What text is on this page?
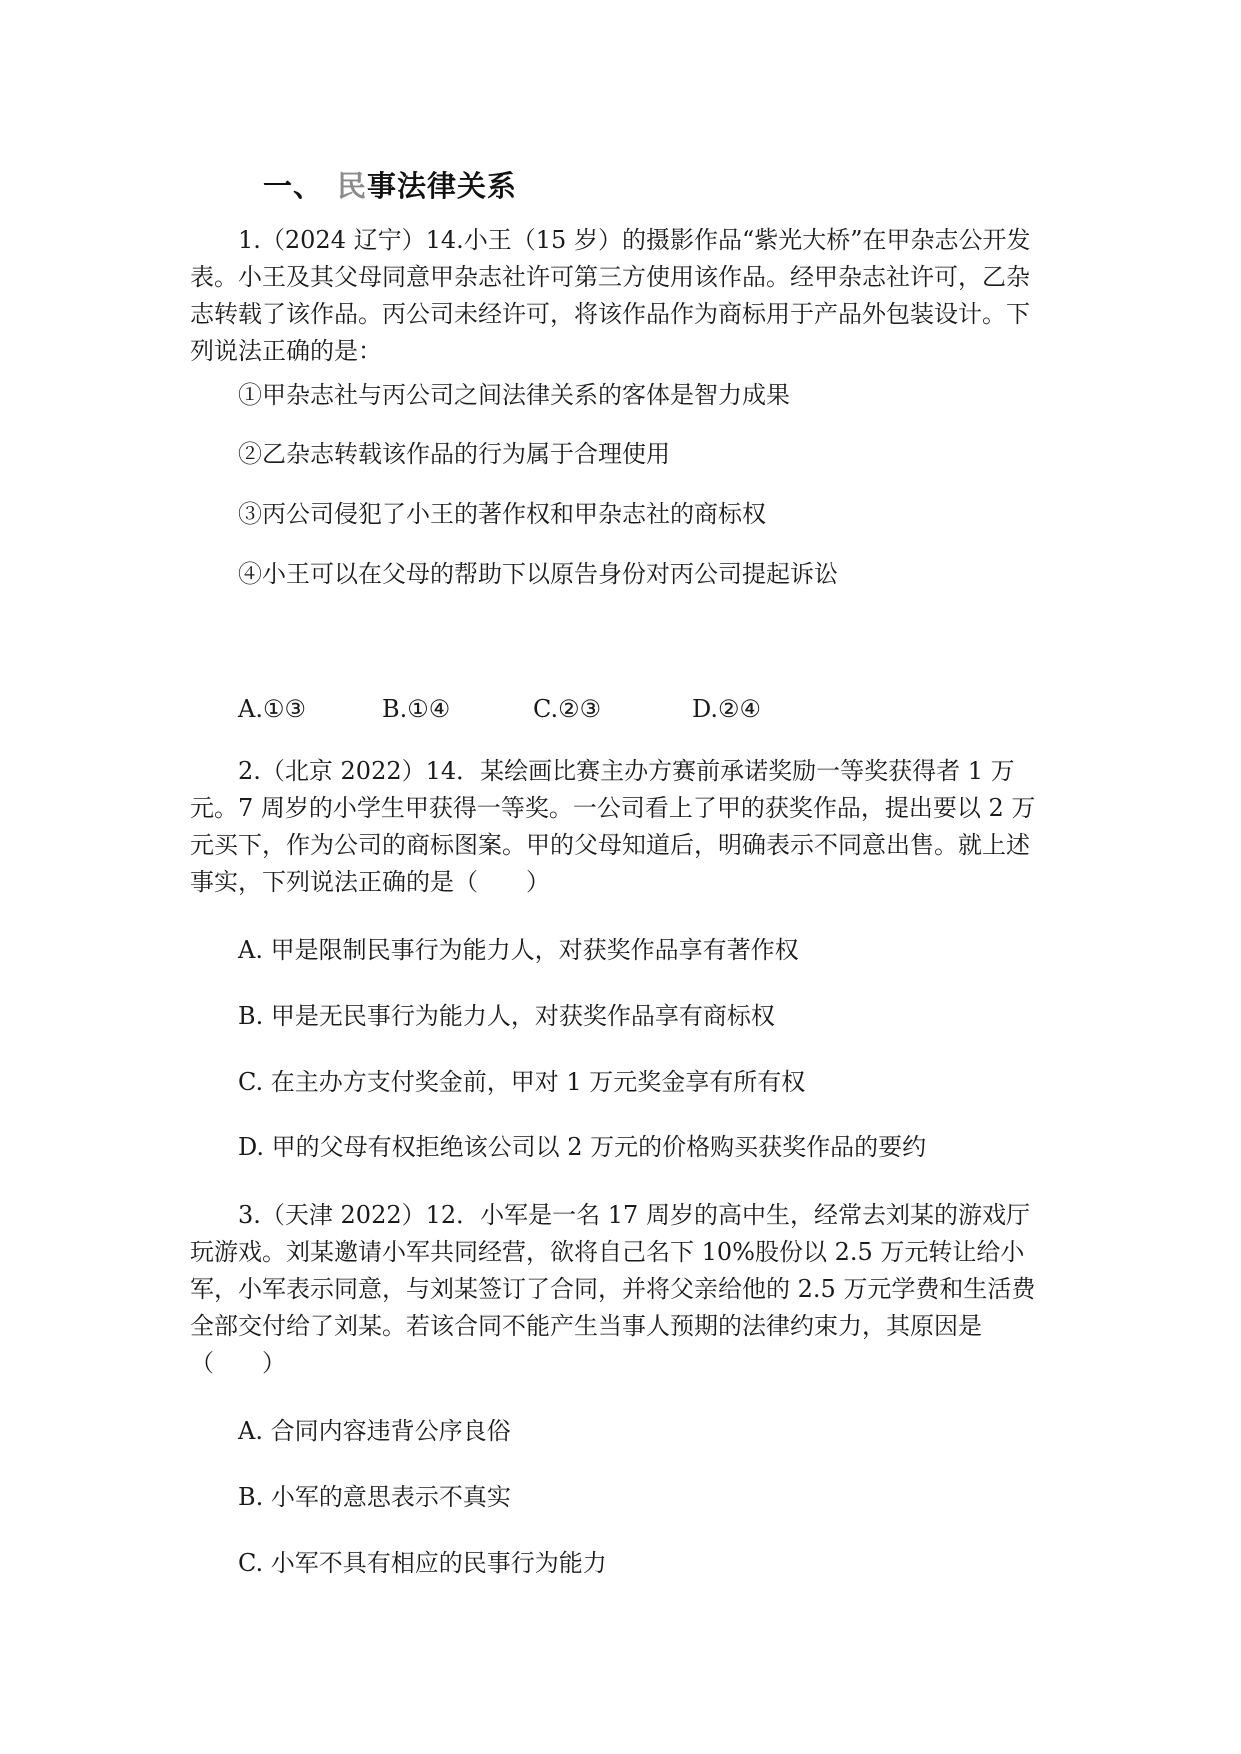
一、 民事法律关系

1.（2024 辽宁）14.小王（15 岁）的摄影作品“紫光大桥”在甲杂志公开发表。小王及其父母同意甲杂志社许可第三方使用该作品。经甲杂志社许可，乙杂志转载了该作品。丙公司未经许可，将该作品作为商标用于产品外包装设计。下列说法正确的是：

①甲杂志社与丙公司之间法律关系的客体是智力成果
②乙杂志转载该作品的行为属于合理使用
③丙公司侵犯了小王的著作权和甲杂志社的商标权
④小王可以在父母的帮助下以原告身份对丙公司提起诉讼
A.①③	B.①④	C.②③	D.②④

2.（北京 2022）14．某绘画比赛主办方赛前承诺奖励一等奖获得者 1 万元。7 周岁的小学生甲获得一等奖。一公司看上了甲的获奖作品，提出要以 2 万元买下，作为公司的商标图案。甲的父母知道后，明确表示不同意出售。就上述事实，下列说法正确的是（　　）

A. 甲是限制民事行为能力人，对获奖作品享有著作权
B. 甲是无民事行为能力人，对获奖作品享有商标权
C. 在主办方支付奖金前，甲对 1 万元奖金享有所有权
D. 甲的父母有权拒绝该公司以 2 万元的价格购买获奖作品的要约

3.（天津 2022）12．小军是一名 17 周岁的高中生，经常去刘某的游戏厅玩游戏。刘某邀请小军共同经营，欲将自己名下 10%股份以 2.5 万元转让给小军，小军表示同意，与刘某签订了合同，并将父亲给他的 2.5 万元学费和生活费全部交付给了刘某。若该合同不能产生当事人预期的法律约束力，其原因是（　　）

A. 合同内容违背公序良俗
B. 小军的意思表示不真实
C. 小军不具有相应的民事行为能力
